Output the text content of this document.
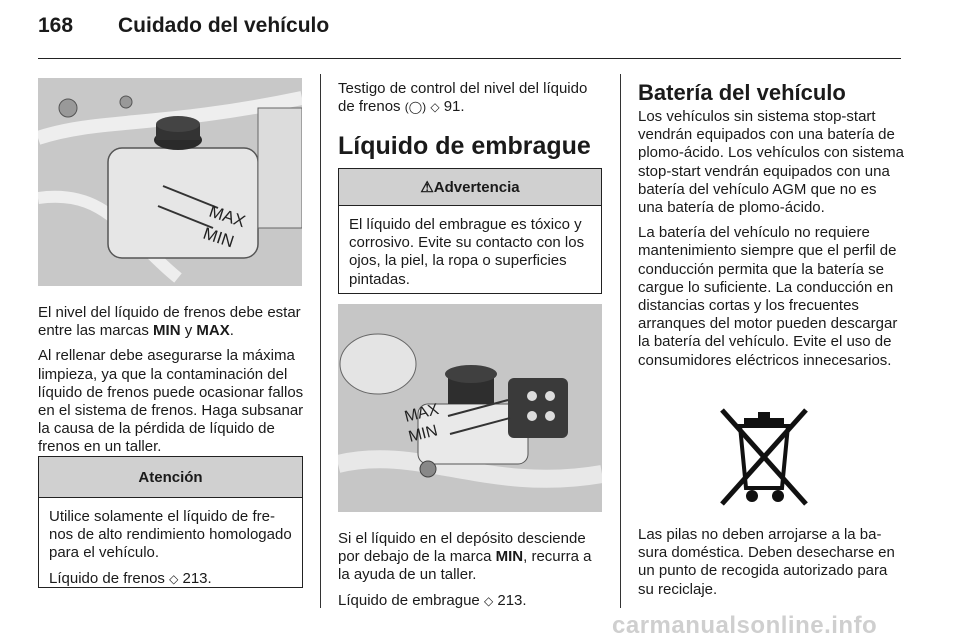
168 Cuidado del vehículo
MAX
MIN

El nivel del líquido de frenos debe estar entre las marcas MIN y MAX.

Al rellenar debe asegurarse la máxima limpieza, ya que la contaminación del líquido de frenos puede ocasionar fallos en el sistema de frenos. Haga subsanar la causa de la pérdida de líquido de frenos en un taller.

Atención

Utilice solamente el líquido de frenos de alto rendimiento homologado para el vehículo.

Líquido de frenos ◇ 213.

Testigo de control del nivel del líquido de frenos (◯) ◇ 91.
Líquido de embrague
⚠ Advertencia

El líquido del embrague es tóxico y corrosivo. Evite su contacto con los ojos, la piel, la ropa o superficies pintadas.

MAX
MIN

Si el líquido en el depósito desciende por debajo de la marca MIN, recurra a la ayuda de un taller.

Líquido de embrague ◇ 213.

Batería del vehículo

Los vehículos sin sistema stop-start vendrán equipados con una batería de plomo-ácido. Los vehículos con sistema stop-start vendrán equipados con una batería del vehículo AGM que no es una batería de plomo-ácido.

La batería del vehículo no requiere mantenimiento siempre que el perfil de conducción permita que la batería se cargue lo suficiente. La conducción en distancias cortas y los frecuentes arranques del motor pueden descargar la batería del vehículo. Evite el uso de consumidores eléctricos innecesarios.

Las pilas no deben arrojarse a la basura doméstica. Deben desecharse en un punto de recogida autorizado para su reciclaje.

carmanualsonline.info
